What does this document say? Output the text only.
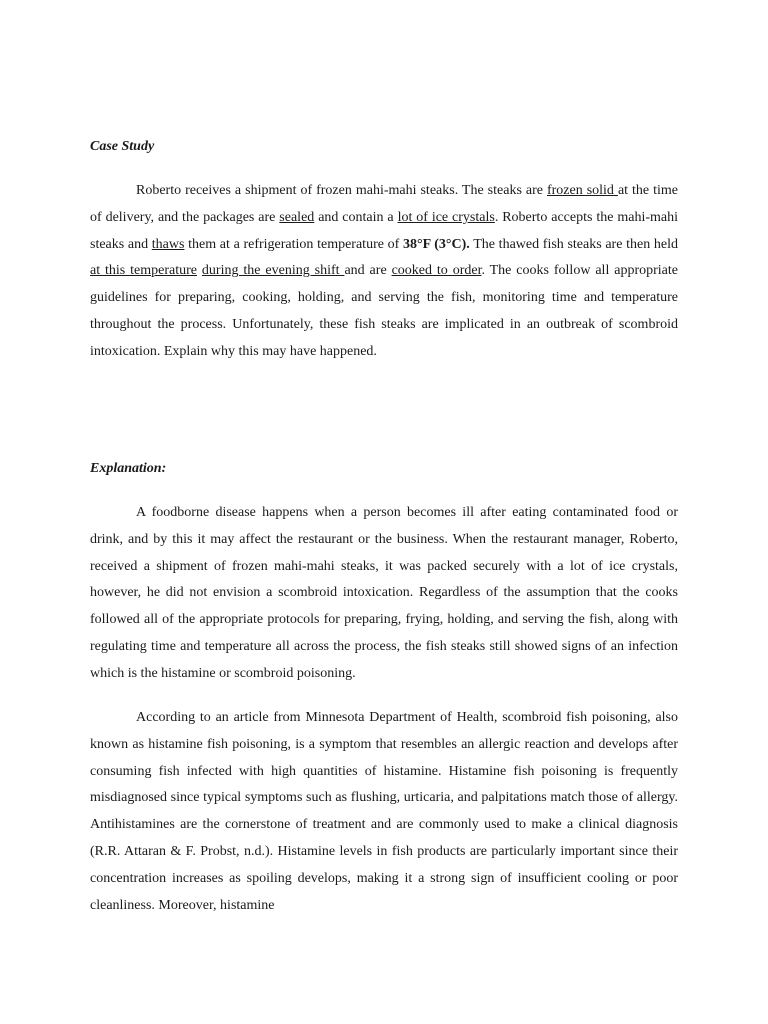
Case Study

Roberto receives a shipment of frozen mahi-mahi steaks. The steaks are frozen solid at the time of delivery, and the packages are sealed and contain a lot of ice crystals. Roberto accepts the mahi-mahi steaks and thaws them at a refrigeration temperature of 38°F (3°C). The thawed fish steaks are then held at this temperature during the evening shift and are cooked to order. The cooks follow all appropriate guidelines for preparing, cooking, holding, and serving the fish, monitoring time and temperature throughout the process. Unfortunately, these fish steaks are implicated in an outbreak of scombroid intoxication. Explain why this may have happened.

Explanation:

A foodborne disease happens when a person becomes ill after eating contaminated food or drink, and by this it may affect the restaurant or the business. When the restaurant manager, Roberto, received a shipment of frozen mahi-mahi steaks, it was packed securely with a lot of ice crystals, however, he did not envision a scombroid intoxication. Regardless of the assumption that the cooks followed all of the appropriate protocols for preparing, frying, holding, and serving the fish, along with regulating time and temperature all across the process, the fish steaks still showed signs of an infection which is the histamine or scombroid poisoning.

According to an article from Minnesota Department of Health, scombroid fish poisoning, also known as histamine fish poisoning, is a symptom that resembles an allergic reaction and develops after consuming fish infected with high quantities of histamine. Histamine fish poisoning is frequently misdiagnosed since typical symptoms such as flushing, urticaria, and palpitations match those of allergy. Antihistamines are the cornerstone of treatment and are commonly used to make a clinical diagnosis (R.R. Attaran & F. Probst, n.d.). Histamine levels in fish products are particularly important since their concentration increases as spoiling develops, making it a strong sign of insufficient cooling or poor cleanliness. Moreover, histamine
